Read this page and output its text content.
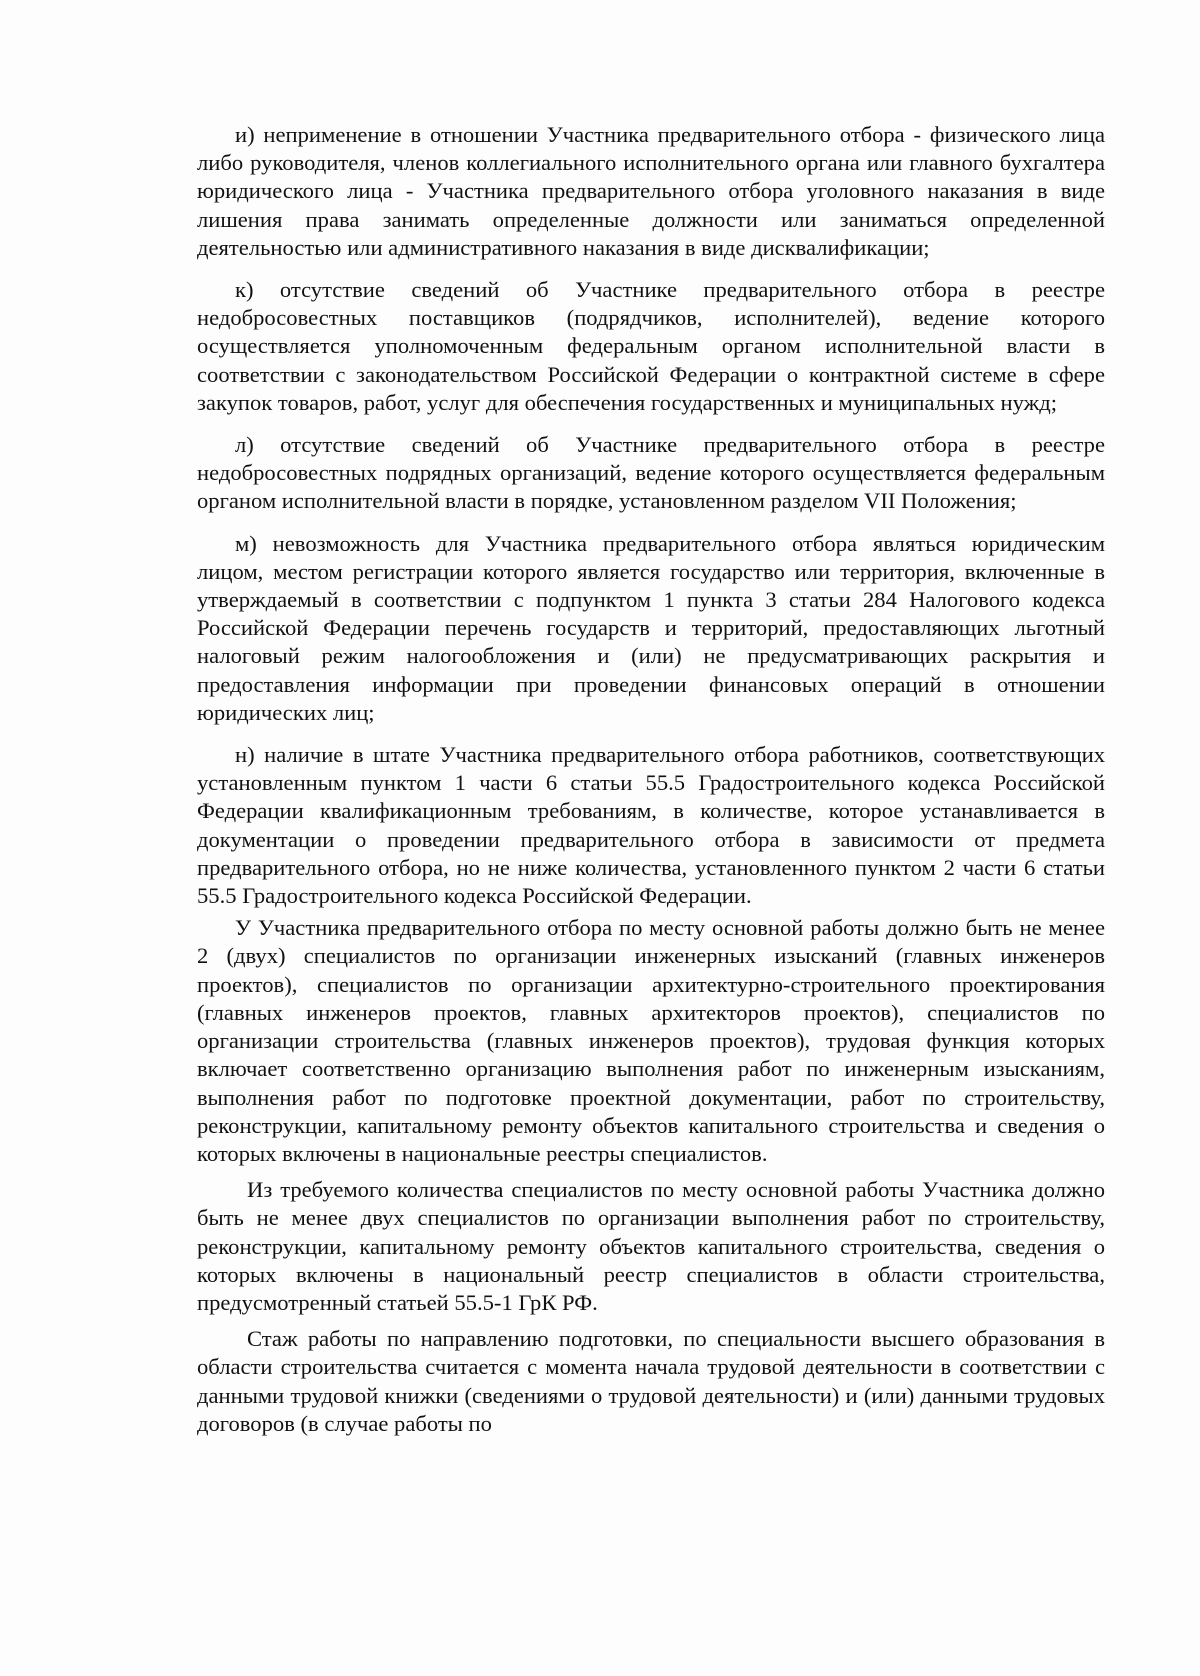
и) неприменение в отношении Участника предварительного отбора - физического лица либо руководителя, членов коллегиального исполнительного органа или главного бухгалтера юридического лица - Участника предварительного отбора уголовного наказания в виде лишения права занимать определенные должности или заниматься определенной деятельностью или административного наказания в виде дисквалификации;

к) отсутствие сведений об Участнике предварительного отбора в реестре недобросовестных поставщиков (подрядчиков, исполнителей), ведение которого осуществляется уполномоченным федеральным органом исполнительной власти в соответствии с законодательством Российской Федерации о контрактной системе в сфере закупок товаров, работ, услуг для обеспечения государственных и муниципальных нужд;

л) отсутствие сведений об Участнике предварительного отбора в реестре недобросовестных подрядных организаций, ведение которого осуществляется федеральным органом исполнительной власти в порядке, установленном разделом VII Положения;

м) невозможность для Участника предварительного отбора являться юридическим лицом, местом регистрации которого является государство или территория, включенные в утверждаемый в соответствии с подпунктом 1 пункта 3 статьи 284 Налогового кодекса Российской Федерации перечень государств и территорий, предоставляющих льготный налоговый режим налогообложения и (или) не предусматривающих раскрытия и предоставления информации при проведении финансовых операций в отношении юридических лиц;

н) наличие в штате Участника предварительного отбора работников, соответствующих установленным пунктом 1 части 6 статьи 55.5 Градостроительного кодекса Российской Федерации квалификационным требованиям, в количестве, которое устанавливается в документации о проведении предварительного отбора в зависимости от предмета предварительного отбора, но не ниже количества, установленного пунктом 2 части 6 статьи 55.5 Градостроительного кодекса Российской Федерации.

У Участника предварительного отбора по месту основной работы должно быть не менее 2 (двух) специалистов по организации инженерных изысканий (главных инженеров проектов), специалистов по организации архитектурно-строительного проектирования (главных инженеров проектов, главных архитекторов проектов), специалистов по организации строительства (главных инженеров проектов), трудовая функция которых включает соответственно организацию выполнения работ по инженерным изысканиям, выполнения работ по подготовке проектной документации, работ по строительству, реконструкции, капитальному ремонту объектов капитального строительства и сведения о которых включены в национальные реестры специалистов.

Из требуемого количества специалистов по месту основной работы Участника должно быть не менее двух специалистов по организации выполнения работ по строительству, реконструкции, капитальному ремонту объектов капитального строительства, сведения о которых включены в национальный реестр специалистов в области строительства, предусмотренный статьей 55.5-1 ГрК РФ.

Стаж работы по направлению подготовки, по специальности высшего образования в области строительства считается с момента начала трудовой деятельности в соответствии с данными трудовой книжки (сведениями о трудовой деятельности) и (или) данными трудовых договоров (в случае работы по
